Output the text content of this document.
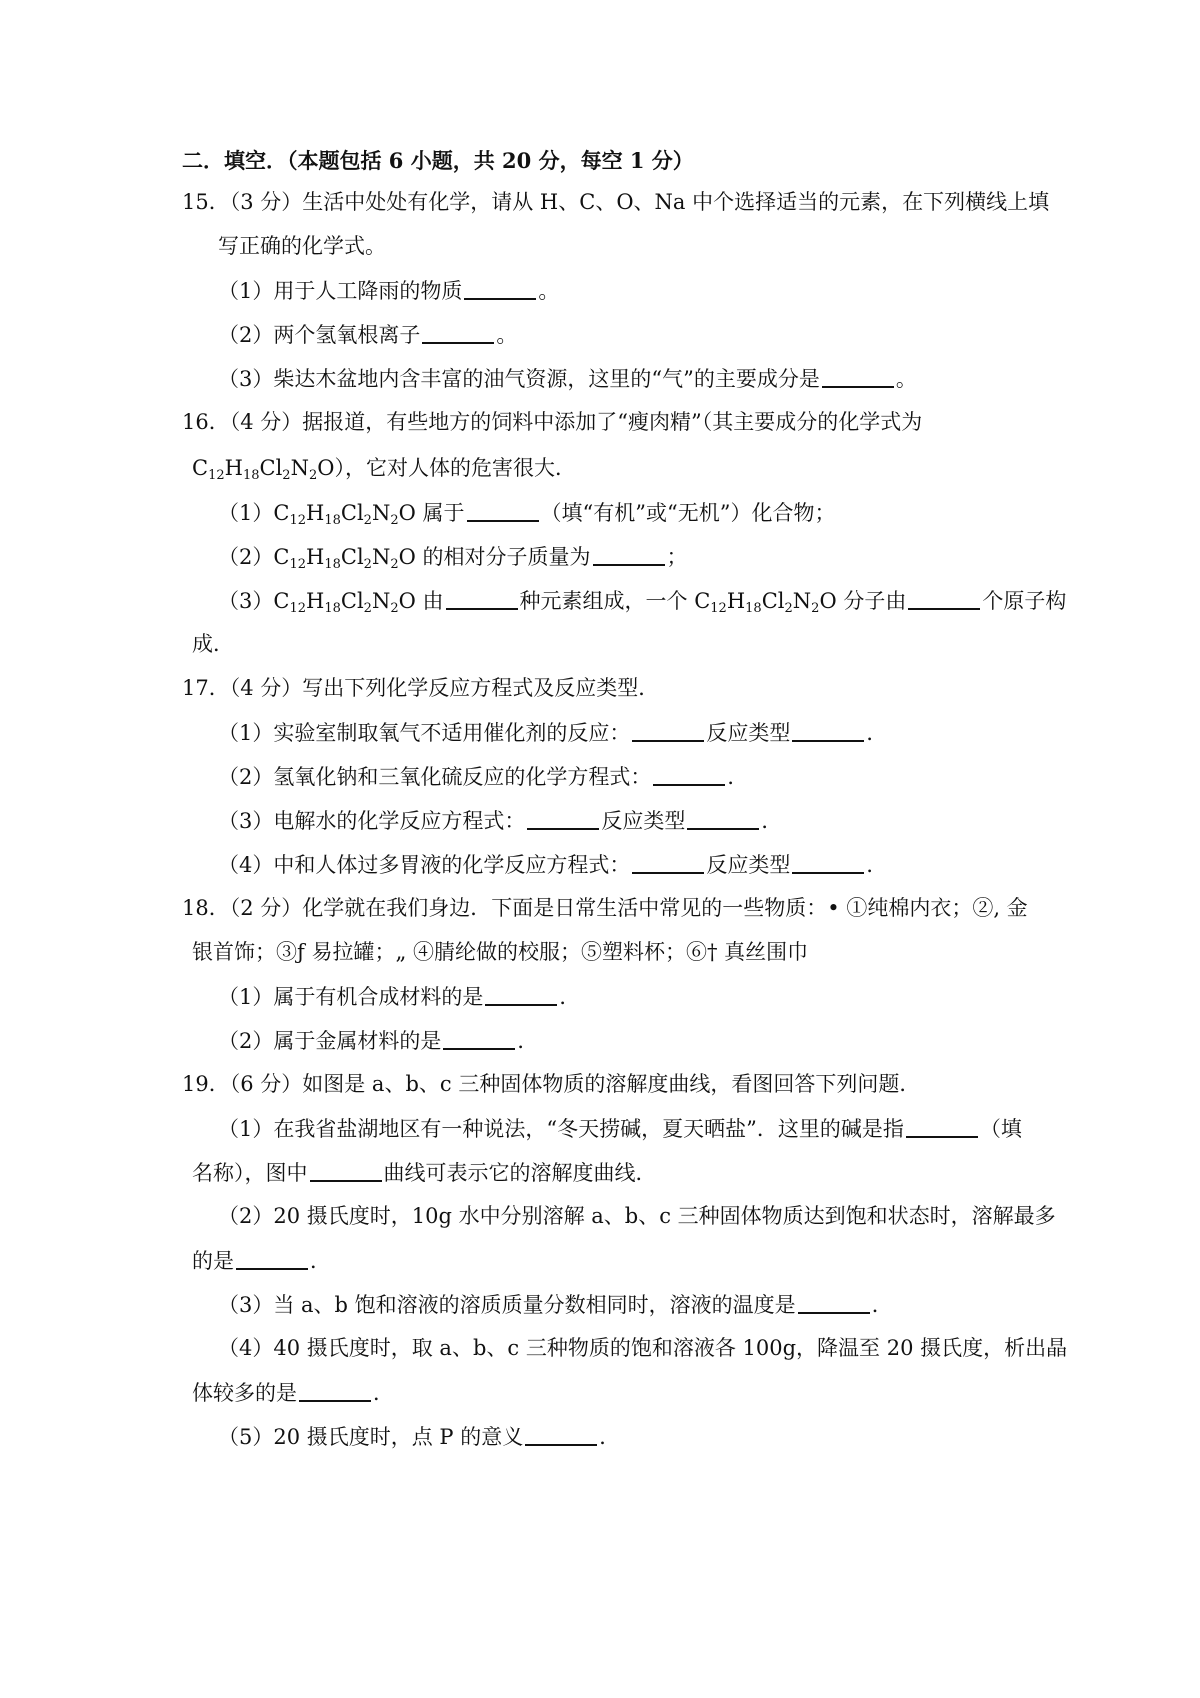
二．填空．（本题包括 6 小题，共 20 分，每空 1 分）
15．（3 分）生活中处处有化学，请从 H、C、O、Na 中个选择适当的元素，在下列横线上填
写正确的化学式。
（1）用于人工降雨的物质	。
（2）两个氢氧根离子	。
（3）柴达木盆地内含丰富的油气资源，这里的“气”的主要成分是	。
16．（4 分）据报道，有些地方的饲料中添加了“瘦肉精”（其主要成分的化学式为
$C_{12}H_{18}Cl_2N_2O$），它对人体的危害很大．
$(1)C_{12}H_{18}Cl_2N_2O$ 属于	（填“有机”或“无机”）化合物；
$(2)C_{12}H_{18}Cl_2N_2O$ 的相对分子质量为	；
$(3)C_{12}H_{18}Cl_2N_2O$ 由	种元素组成，一个 $C_{12}H_{18}Cl_2N_2O$ 分子由	个原子构
成．
17．（4 分）写出下列化学反应方程式及反应类型．
（1）实验室制取氧气不适用催化剂的反应：	反应类型	．
（2）氢氧化钠和三氧化硫反应的化学方程式：	．
（3）电解水的化学反应方程式：	反应类型	．
（4）中和人体过多胃液的化学反应方程式：	反应类型	．
18．（2 分）化学就在我们身边．下面是日常生活中常见的一些物质：• ①纯棉内衣；②, 金
银首饰；③ƒ 易拉罐；„ ④腈纶做的校服；⑤塑料杯；⑥† 真丝围巾
（1）属于有机合成材料的是	．
（2）属于金属材料的是	．
19．（6 分）如图是 a、b、c 三种固体物质的溶解度曲线，看图回答下列问题．
（1）在我省盐湖地区有一种说法，“冬天捞碱，夏天晒盐”．这里的碱是指	（填
名称），图中	曲线可表示它的溶解度曲线．
（2）20 摄氏度时，10g 水中分别溶解 a、b、c 三种固体物质达到饱和状态时，溶解最多
的是	．
（3）当 a、b 饱和溶液的溶质质量分数相同时，溶液的温度是	．
（4）40 摄氏度时，取 a、b、c 三种物质的饱和溶液各 100g，降温至 20 摄氏度，析出晶
体较多的是	．
（5）20 摄氏度时，点 P 的意义	．
